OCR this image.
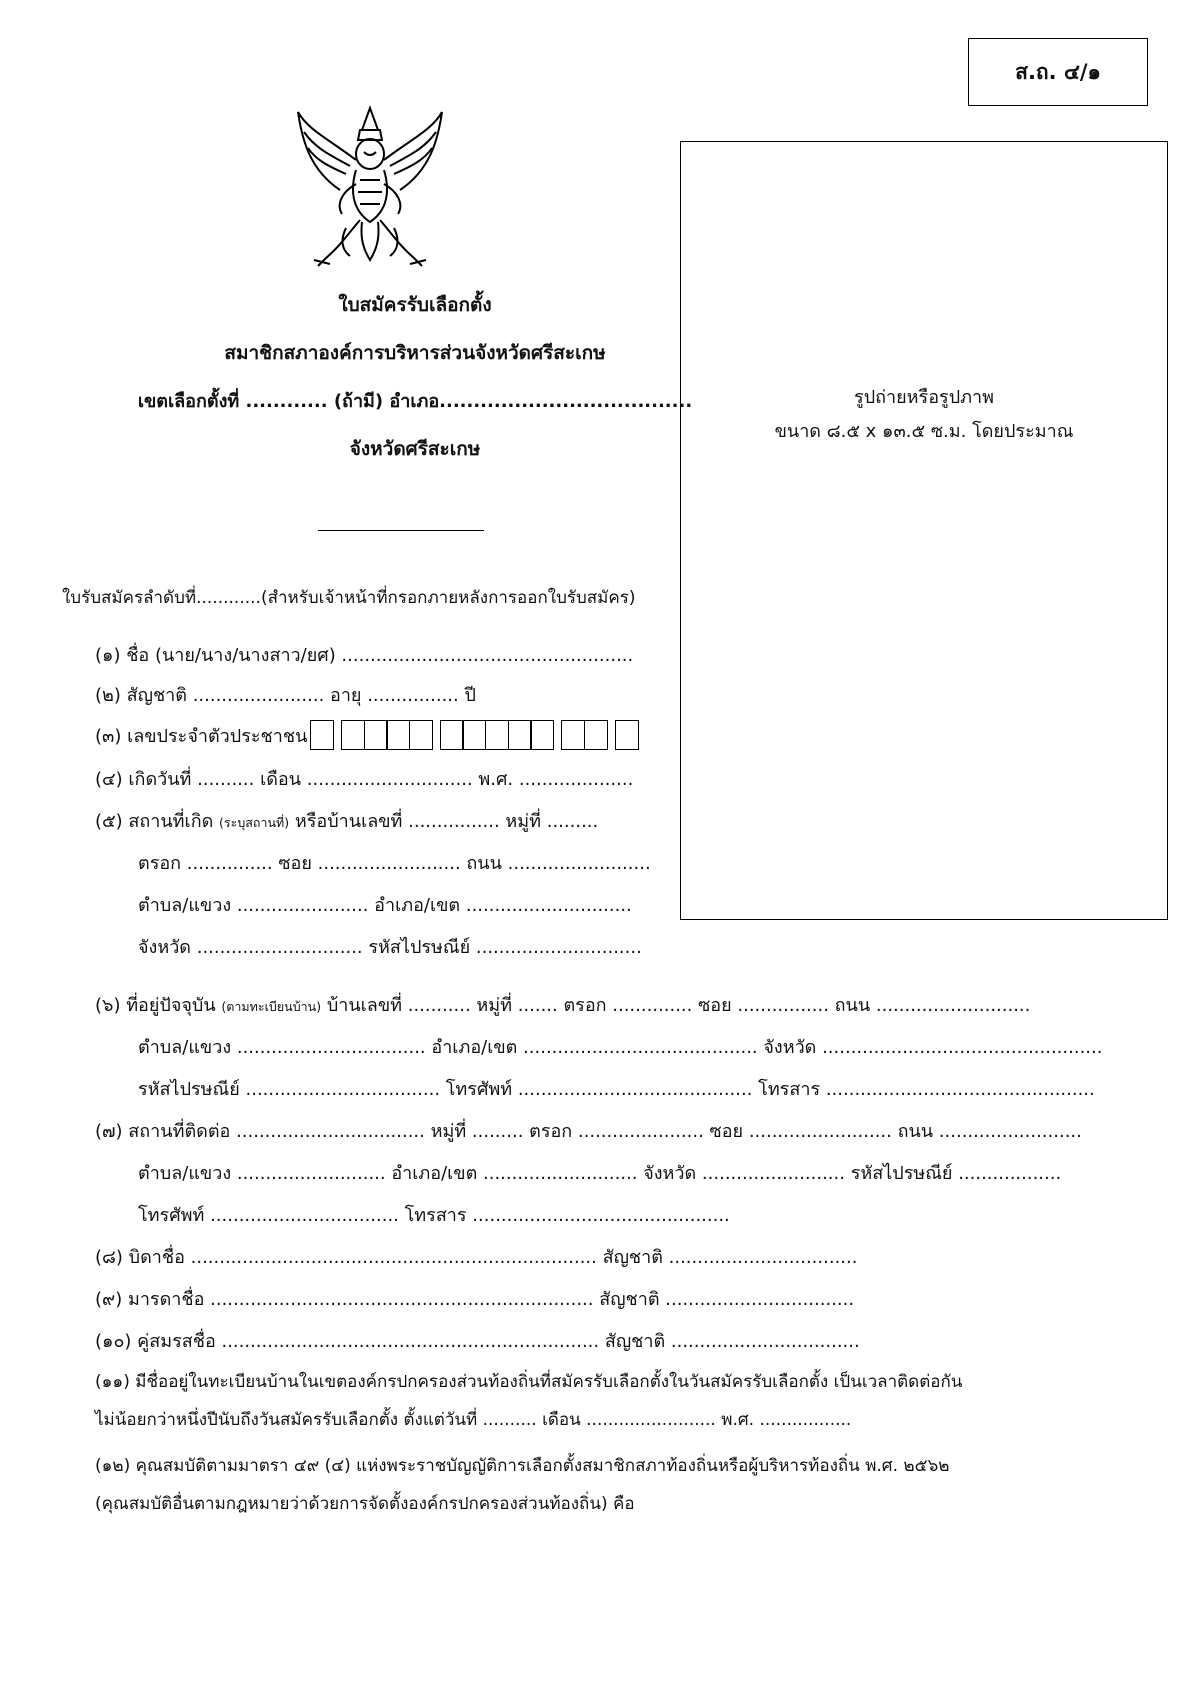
ส.ถ. ๔/๑
ใบสมัครรับเลือกตั้ง
สมาชิกสภาองค์การบริหารส่วนจังหวัดศรีสะเกษ
เขตเลือกตั้งที่ ............ (ถ้ามี) อำเภอ.....................................
จังหวัดศรีสะเกษ
รูปถ่ายหรือรูปภาพ
ขนาด ๘.๕ x ๑๓.๕ ซ.ม. โดยประมาณ
ใบรับสมัครลำดับที่............(สำหรับเจ้าหน้าที่กรอกภายหลังการออกใบรับสมัคร)
(๑) ชื่อ (นาย/นาง/นางสาว/ยศ) ...................................................
(๒) สัญชาติ ....................... อายุ ................ ปี
(๓) เลขประจำตัวประชาชน
(๔) เกิดวันที่ .......... เดือน ............................. พ.ศ. ....................
(๕) สถานที่เกิด (ระบุสถานที่) หรือบ้านเลขที่ ................ หมู่ที่ .........
ตรอก ............... ซอย ......................... ถนน .........................
ตำบล/แขวง ....................... อำเภอ/เขต .............................
จังหวัด ............................. รหัสไปรษณีย์ .............................
(๖) ที่อยู่ปัจจุบัน (ตามทะเบียนบ้าน) บ้านเลขที่ ........... หมู่ที่ ....... ตรอก .............. ซอย ................ ถนน ...........................
ตำบล/แขวง ................................. อำเภอ/เขต ......................................... จังหวัด .................................................
รหัสไปรษณีย์ .................................. โทรศัพท์ ......................................... โทรสาร ...............................................
(๗) สถานที่ติดต่อ ................................. หมู่ที่ ......... ตรอก ...................... ซอย ......................... ถนน .........................
ตำบล/แขวง .......................... อำเภอ/เขต ........................... จังหวัด ......................... รหัสไปรษณีย์ ..................
โทรศัพท์ ................................. โทรสาร .............................................
(๘) บิดาชื่อ ....................................................................... สัญชาติ .................................
(๙) มารดาชื่อ ................................................................... สัญชาติ .................................
(๑๐) คู่สมรสชื่อ .................................................................. สัญชาติ .................................
(๑๑) มีชื่ออยู่ในทะเบียนบ้านในเขตองค์กรปกครองส่วนท้องถิ่นที่สมัครรับเลือกตั้งในวันสมัครรับเลือกตั้ง เป็นเวลาติดต่อกัน
ไม่น้อยกว่าหนึ่งปีนับถึงวันสมัครรับเลือกตั้ง ตั้งแต่วันที่ .......... เดือน ........................ พ.ศ. .................
(๑๒) คุณสมบัติตามมาตรา ๔๙ (๔) แห่งพระราชบัญญัติการเลือกตั้งสมาชิกสภาท้องถิ่นหรือผู้บริหารท้องถิ่น พ.ศ. ๒๕๖๒
(คุณสมบัติอื่นตามกฎหมายว่าด้วยการจัดตั้งองค์กรปกครองส่วนท้องถิ่น) คือ
